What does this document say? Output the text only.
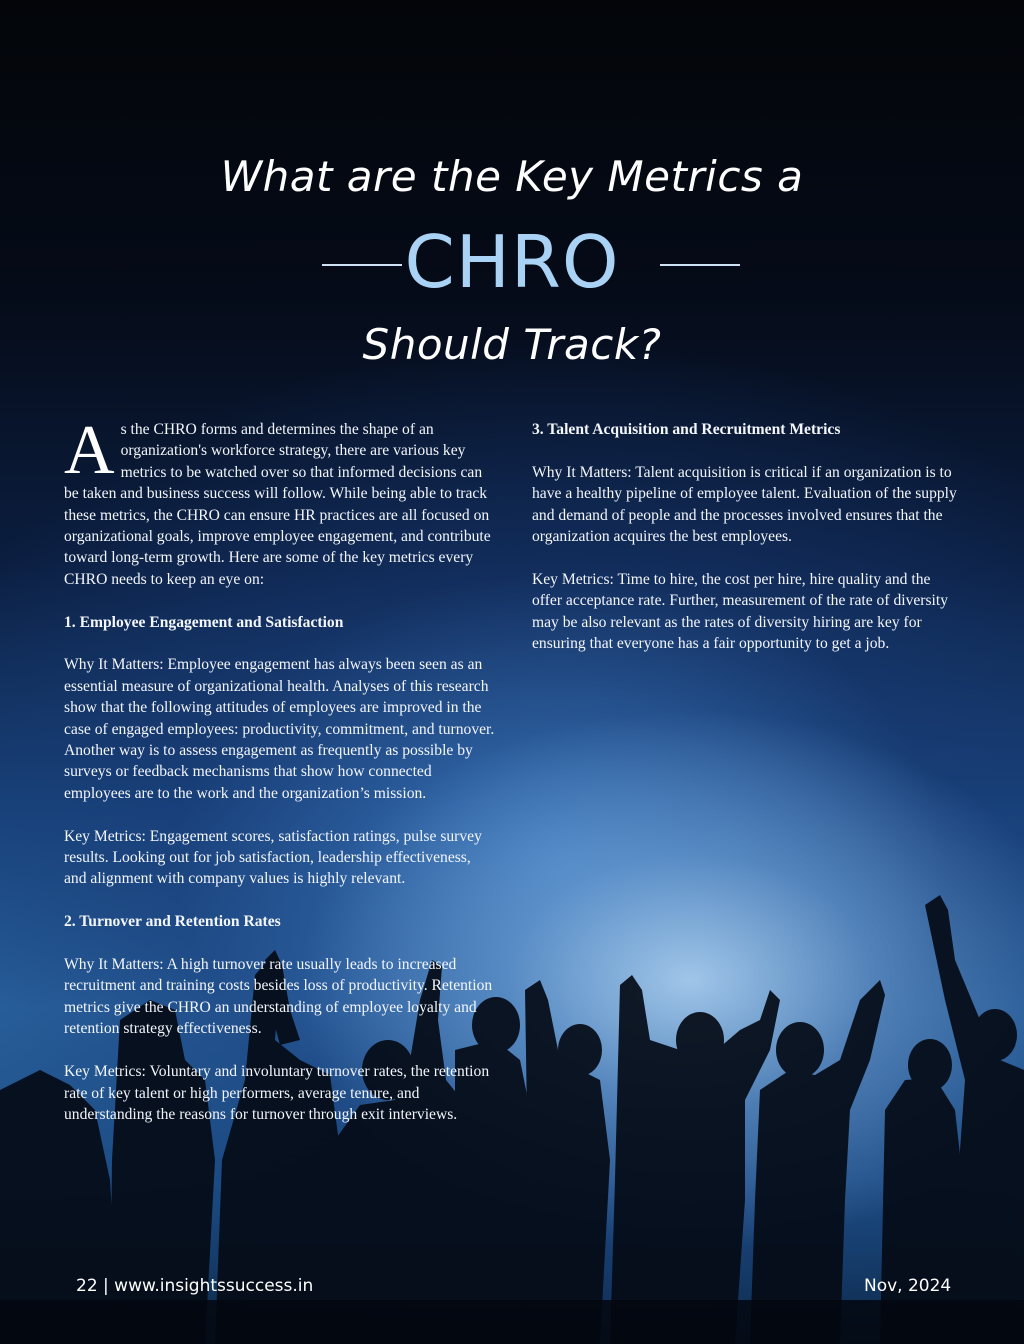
What are the Key Metrics a
CHRO
Should Track?

As the CHRO forms and determines the shape of an organization's workforce strategy, there are various key metrics to be watched over so that informed decisions can be taken and business success will follow. While being able to track these metrics, the CHRO can ensure HR practices are all focused on organizational goals, improve employee engagement, and contribute toward long-term growth. Here are some of the key metrics every CHRO needs to keep an eye on:

1. Employee Engagement and Satisfaction

Why It Matters: Employee engagement has always been seen as an essential measure of organizational health. Analyses of this research show that the following attitudes of employees are improved in the case of engaged employees: productivity, commitment, and turnover. Another way is to assess engagement as frequently as possible by surveys or feedback mechanisms that show how connected employees are to the work and the organization’s mission.

Key Metrics: Engagement scores, satisfaction ratings, pulse survey results. Looking out for job satisfaction, leadership effectiveness, and alignment with company values is highly relevant.

2. Turnover and Retention Rates

Why It Matters: A high turnover rate usually leads to increased recruitment and training costs besides loss of productivity. Retention metrics give the CHRO an understanding of employee loyalty and retention strategy effectiveness.

Key Metrics: Voluntary and involuntary turnover rates, the retention rate of key talent or high performers, average tenure, and understanding the reasons for turnover through exit interviews.

3. Talent Acquisition and Recruitment Metrics

Why It Matters: Talent acquisition is critical if an organization is to have a healthy pipeline of employee talent. Evaluation of the supply and demand of people and the processes involved ensures that the organization acquires the best employees.

Key Metrics: Time to hire, the cost per hire, hire quality and the offer acceptance rate. Further, measurement of the rate of diversity may be also relevant as the rates of diversity hiring are key for ensuring that everyone has a fair opportunity to get a job.

22 | www.insightssuccess.in	Nov, 2024
